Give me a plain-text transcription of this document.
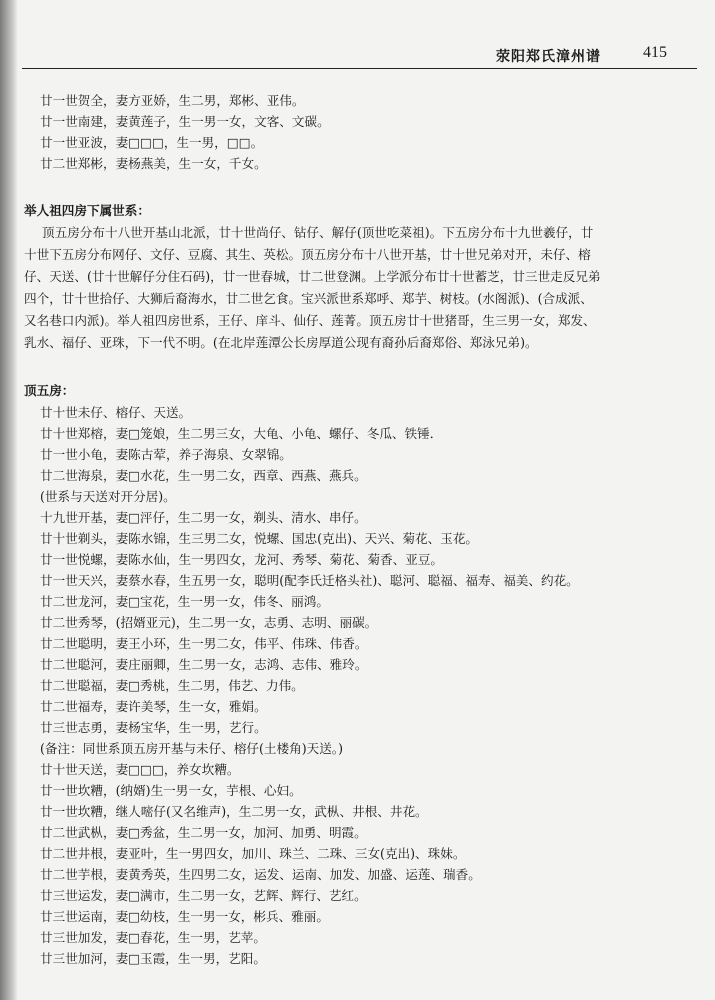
荥阳郑氏漳州谱	415
廿一世贺全，妻方亚娇，生二男，郑彬、亚伟。
廿一世南建，妻黄莲子，生一男一女，文客、文碳。
廿一世亚波，妻□□□，生一男，□□。
廿二世郑彬，妻杨燕美，生一女，千女。
举人祖四房下属世系：
顶五房分布十八世开基山北派，廿十世尚仔、钻仔、解仔(顶世吃菜祖)。下五房分布十九世羲仔，廿
十世下五房分布网仔、文仔、豆腐、其生、英松。顶五房分布十八世开基，廿十世兄弟对开，未仔、榕
仔、天送、(廿十世解仔分住石码)，廿一世春城，廿二世登渊。上学派分布廿十世蓄芝，廿三世走反兄弟
四个，廿十世拾仔、大狮后裔海水，廿二世乞食。宝兴派世系郑呼、郑芋、树枝。(水阁派)、(合成派、
又名巷口内派)。举人祖四房世系，王仔、庠斗、仙仔、莲菁。顶五房廿十世猪哥，生三男一女，郑发、
乳水、福仔、亚珠，下一代不明。(在北岸莲潭公长房厚道公现有裔孙后裔郑俗、郑泳兄弟)。
顶五房：
廿十世未仔、榕仔、天送。
廿十世郑榕，妻□笼娘，生二男三女，大龟、小龟、螺仔、冬瓜、铁锤．
廿一世小龟，妻陈古荤，养子海泉、女翠锦。
廿二世海泉，妻□水花，生一男二女，西章、西燕、燕兵。
(世系与天送对开分居)。
十九世开基，妻□泙仔，生二男一女，剃头、清水、串仔。
廿十世剃头，妻陈水锦，生三男二女，悦螺、国忠(克出)、天兴、菊花、玉花。
廿一世悦螺，妻陈水仙，生一男四女，龙河、秀琴、菊花、菊香、亚豆。
廿一世天兴，妻蔡水春，生五男一女，聪明(配李氏迁格头社)、聪河、聪福、福寿、福美、约花。
廿二世龙河，妻□宝花，生一男一女，伟冬、丽鸿。
廿二世秀琴，(招婿亚元)，生二男一女，志勇、志明、丽碳。
廿二世聪明，妻王小环，生一男二女，伟平、伟珠、伟香。
廿二世聪河，妻庄丽卿，生二男一女，志鸿、志伟、雅玲。
廿二世聪福，妻□秀桃，生二男，伟艺、力伟。
廿二世福寿，妻许美琴，生一女，雅娟。
廿三世志勇，妻杨宝华，生一男，艺行。
(备注：同世系顶五房开基与未仔、榕仔(土楼角)天送。)
廿十世天送，妻□□□，养女坎糟。
廿一世坎糟，(纳婿)生一男一女，芋根、心妇。
廿一世坎糟，继人嘧仔(又名维声)，生二男一女，武枞、井根、井花。
廿二世武枞，妻□秀盆，生二男一女，加河、加勇、明霞。
廿二世井根，妻亚叶，生一男四女，加川、珠兰、二珠、三女(克出)、珠妹。
廿二世芋根，妻黄秀英，生四男二女，运发、运南、加发、加盛、运莲、瑞香。
廿三世运发，妻□满市，生二男一女，艺辉、辉行、艺红。
廿三世运南，妻□幼枝，生一男一女，彬兵、雅丽。
廿三世加发，妻□春花，生一男，艺苹。
廿三世加河，妻□玉霞，生一男，艺阳。
